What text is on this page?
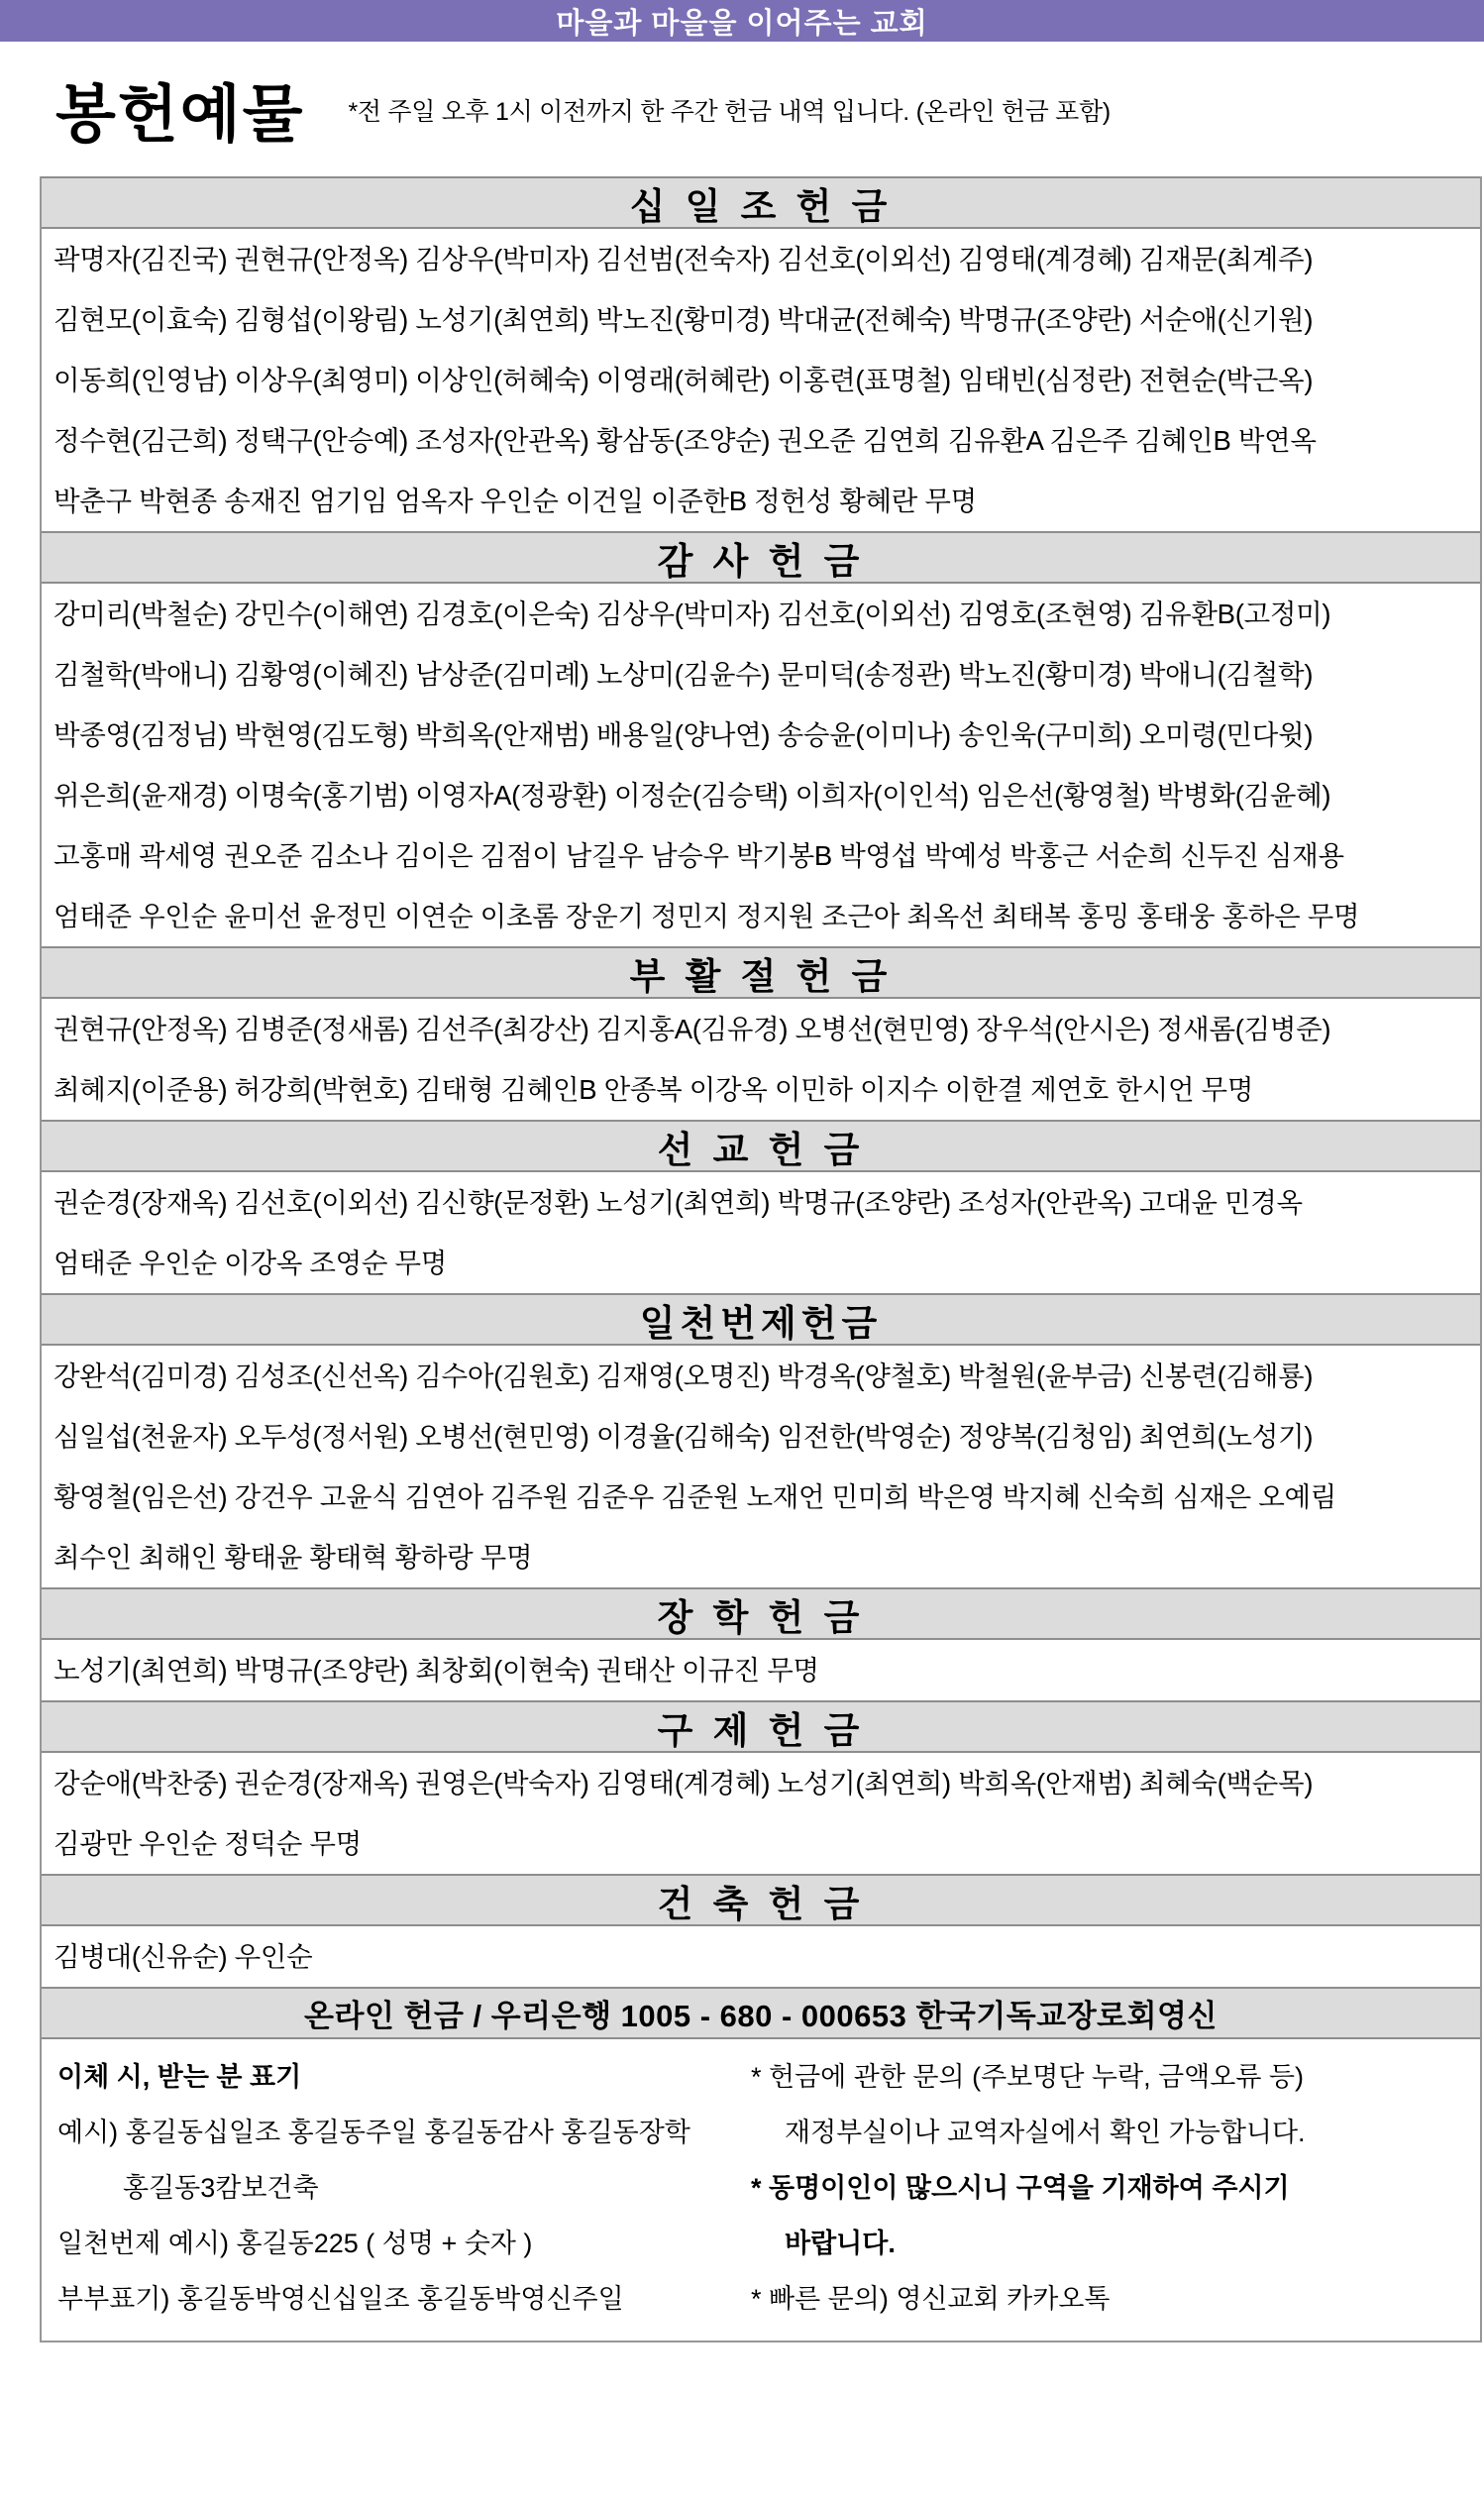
마을과 마을을 이어주는 교회
봉헌예물 *전 주일 오후 1시 이전까지 한 주간 헌금 내역 입니다. (온라인 헌금 포함)
십 일 조 헌 금
곽명자(김진국) 권현규(안정옥) 김상우(박미자) 김선범(전숙자) 김선호(이외선) 김영태(계경혜) 김재문(최계주)
김현모(이효숙) 김형섭(이왕림) 노성기(최연희) 박노진(황미경) 박대균(전혜숙) 박명규(조양란) 서순애(신기원)
이동희(인영남) 이상우(최영미) 이상인(허혜숙) 이영래(허혜란) 이홍련(표명철) 임태빈(심정란) 전현순(박근옥)
정수현(김근희) 정택구(안승예) 조성자(안관옥) 황삼동(조양순) 권오준 김연희 김유환A 김은주 김혜인B 박연옥
박춘구 박현종 송재진 엄기임 엄옥자 우인순 이건일 이준한B 정헌성 황혜란 무명
감 사 헌 금
강미리(박철순) 강민수(이해연) 김경호(이은숙) 김상우(박미자) 김선호(이외선) 김영호(조현영) 김유환B(고정미)
김철학(박애니) 김황영(이혜진) 남상준(김미례) 노상미(김윤수) 문미덕(송정관) 박노진(황미경) 박애니(김철학)
박종영(김정님) 박현영(김도형) 박희옥(안재범) 배용일(양나연) 송승윤(이미나) 송인욱(구미희) 오미령(민다윗)
위은희(윤재경) 이명숙(홍기범) 이영자A(정광환) 이정순(김승택) 이희자(이인석) 임은선(황영철) 박병화(김윤혜)
고홍매 곽세영 권오준 김소나 김이은 김점이 남길우 남승우 박기봉B 박영섭 박예성 박홍근 서순희 신두진 심재용
엄태준 우인순 윤미선 윤정민 이연순 이초롬 장운기 정민지 정지원 조근아 최옥선 최태복 홍밍 홍태웅 홍하은 무명
부 활 절 헌 금
권현규(안정옥) 김병준(정새롬) 김선주(최강산) 김지홍A(김유경) 오병선(현민영) 장우석(안시은) 정새롬(김병준)
최혜지(이준용) 허강희(박현호) 김태형 김혜인B 안종복 이강옥 이민하 이지수 이한결 제연호 한시언 무명
선 교 헌 금
권순경(장재옥) 김선호(이외선) 김신향(문정환) 노성기(최연희) 박명규(조양란) 조성자(안관옥) 고대윤 민경옥
엄태준 우인순 이강옥 조영순 무명
일천번제헌금
강완석(김미경) 김성조(신선옥) 김수아(김원호) 김재영(오명진) 박경옥(양철호) 박철원(윤부금) 신봉련(김해룡)
심일섭(천윤자) 오두성(정서원) 오병선(현민영) 이경율(김해숙) 임전한(박영순) 정양복(김청임) 최연희(노성기)
황영철(임은선) 강건우 고윤식 김연아 김주원 김준우 김준원 노재언 민미희 박은영 박지혜 신숙희 심재은 오예림
최수인 최해인 황태윤 황태혁 황하랑 무명
장 학 헌 금
노성기(최연희) 박명규(조양란) 최창회(이현숙) 권태산 이규진 무명
구 제 헌 금
강순애(박찬중) 권순경(장재옥) 권영은(박숙자) 김영태(계경혜) 노성기(최연희) 박희옥(안재범) 최혜숙(백순목)
김광만 우인순 정덕순 무명
건 축 헌 금
김병대(신유순) 우인순
온라인 헌금 / 우리은행 1005 - 680 - 000653 한국기독교장로회영신
이체 시, 받는 분 표기
예시) 홍길동십일조 홍길동주일 홍길동감사 홍길동장학
홍길동3캄보건축
일천번제 예시) 홍길동225 ( 성명 + 숫자 )
부부표기) 홍길동박영신십일조 홍길동박영신주일
* 헌금에 관한 문의 (주보명단 누락, 금액오류 등)
재정부실이나 교역자실에서 확인 가능합니다.
* 동명이인이 많으시니 구역을 기재하여 주시기
바랍니다.
* 빠른 문의) 영신교회 카카오톡
